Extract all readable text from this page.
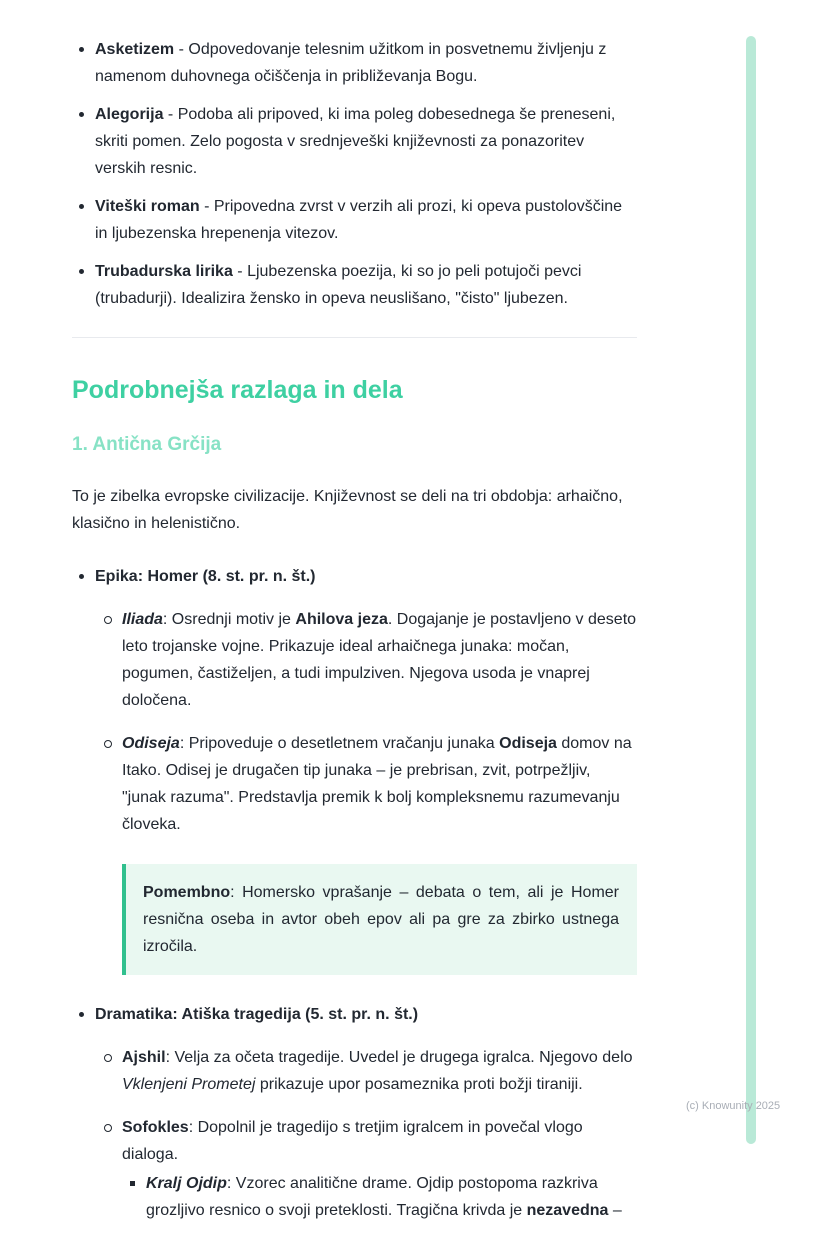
Asketizem - Odpovedovanje telesnim užitkom in posvetnemu življenju z namenom duhovnega očiščenja in približevanja Bogu.
Alegorija - Podoba ali pripoved, ki ima poleg dobesednega še preneseni, skriti pomen. Zelo pogosta v srednjeveški književnosti za ponazoritev verskih resnic.
Viteški roman - Pripovedna zvrst v verzih ali prozi, ki opeva pustolovščine in ljubezenska hrepenenja vitezov.
Trubadurska lirika - Ljubezenska poezija, ki so jo peli potujoči pevci (trubadurji). Idealizira žensko in opeva neuslišano, "čisto" ljubezen.
Podrobnejša razlaga in dela
1. Antična Grčija

To je zibelka evropske civilizacije. Književnost se deli na tri obdobja: arhaično, klasično in helenistično.

Epika: Homer (8. st. pr. n. št.)
Iliada: Osrednji motiv je Ahilova jeza. Dogajanje je postavljeno v deseto leto trojanske vojne. Prikazuje ideal arhaičnega junaka: močan, pogumen, častiželjen, a tudi impulziven. Njegova usoda je vnaprej določena.
Odiseja: Pripoveduje o desetletnem vračanju junaka Odiseja domov na Itako. Odisej je drugačen tip junaka – je prebrisan, zvit, potrpežljiv, "junak razuma". Predstavlja premik k bolj kompleksnemu razumevanju človeka.

Pomembno: Homersko vprašanje – debata o tem, ali je Homer resnična oseba in avtor obeh epov ali pa gre za zbirko ustnega izročila.

Dramatika: Atiška tragedija (5. st. pr. n. št.)
Ajshil: Velja za očeta tragedije. Uvedel je drugega igralca. Njegovo delo Vklenjeni Prometej prikazuje upor posameznika proti božji tiraniji.
Sofokles: Dopolnil je tragedijo s tretjim igralcem in povečal vlogo dialoga.
Kralj Ojdip: Vzorec analitične drame. Ojdip postopoma razkriva grozljivo resnico o svoji preteklosti. Tragična krivda je nezavedna –
(c) Knowunity 2025
